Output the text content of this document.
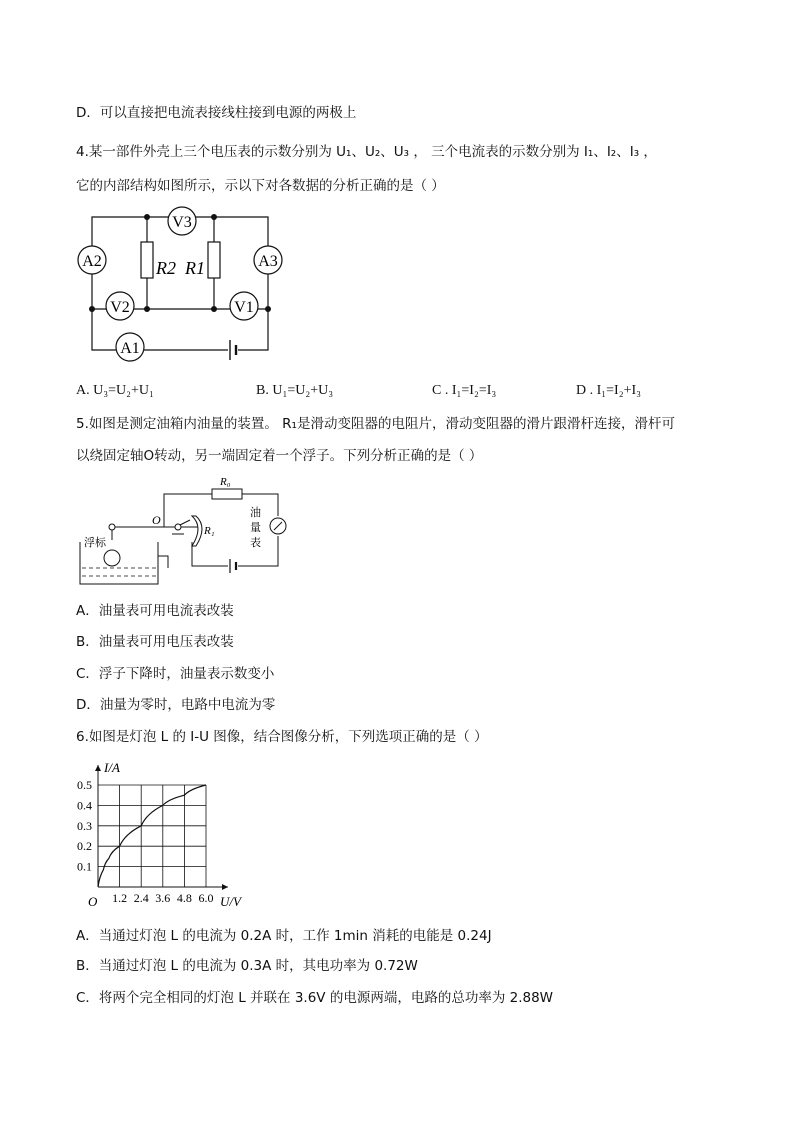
D．可以直接把电流表接线柱接到电源的两极上
4.某一部件外壳上三个电压表的示数分别为 U₁、U₂、U₃ ， 三个电流表的示数分别为 I₁、I₂、I₃ ，
它的内部结构如图所示，示以下对各数据的分析正确的是（ ）
R2 R1
V3
A2	A3
V2	V1
A1
A. U₃=U₂+U₁	B. U₁=U₂+U₃	C . I₁=I₂=I₃	D . I₁=I₂+I₃
5.如图是测定油箱内油量的装置。 R₁是滑动变阻器的电阻片，滑动变阻器的滑片跟滑杆连接，滑杆可
以绕固定轴O转动，另一端固定着一个浮子。下列分析正确的是（ ）
R₀
R₁
O
浮标
油
量
表
A．油量表可用电流表改装
B．油量表可用电压表改装
C．浮子下降时，油量表示数变小
D．油量为零时，电路中电流为零
6.如图是灯泡 L 的 I-U 图像，结合图像分析，下列选项正确的是（ ）
I/A
U/V
O 1.2 2.4 3.6 4.8 6.0
0.1
0.2
0.3
0.4
0.5
A．当通过灯泡 L 的电流为 0.2A 时，工作 1min 消耗的电能是 0.24J
B．当通过灯泡 L 的电流为 0.3A 时，其电功率为 0.72W
C．将两个完全相同的灯泡 L 并联在 3.6V 的电源两端，电路的总功率为 2.88W
